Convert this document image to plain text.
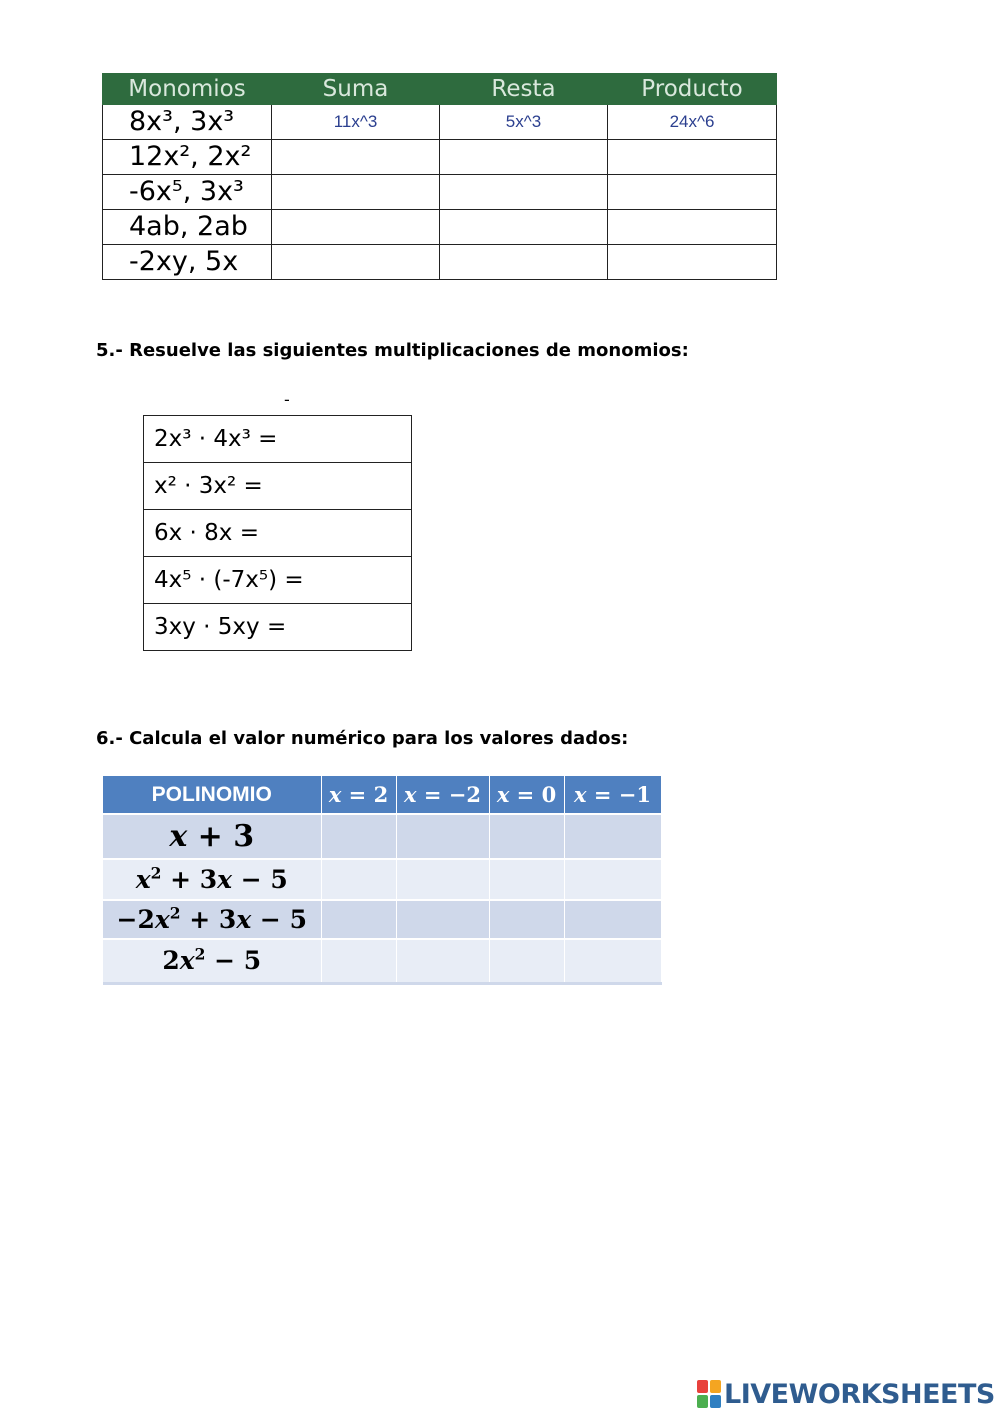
Monomios	Suma	Resta	Producto
8x³, 3x³	11x^3	5x^3	24x^6
12x², 2x²			
-6x⁵, 3x³			
4ab, 2ab			
-2xy, 5x			
5.- Resuelve las siguientes multiplicaciones de monomios:
-
2x³ · 4x³ =
x² · 3x² =
6x · 8x =
4x⁵ · (-7x⁵) =
3xy · 5xy =
6.- Calcula el valor numérico para los valores dados:
POLINOMIO	x = 2	x = −2	x = 0	x = −1
x + 3				
$x^2 + 3x - 5$				
$-2x^2 + 3x - 5$				
$2x^2 - 5$				
LIVEWORKSHEETS
